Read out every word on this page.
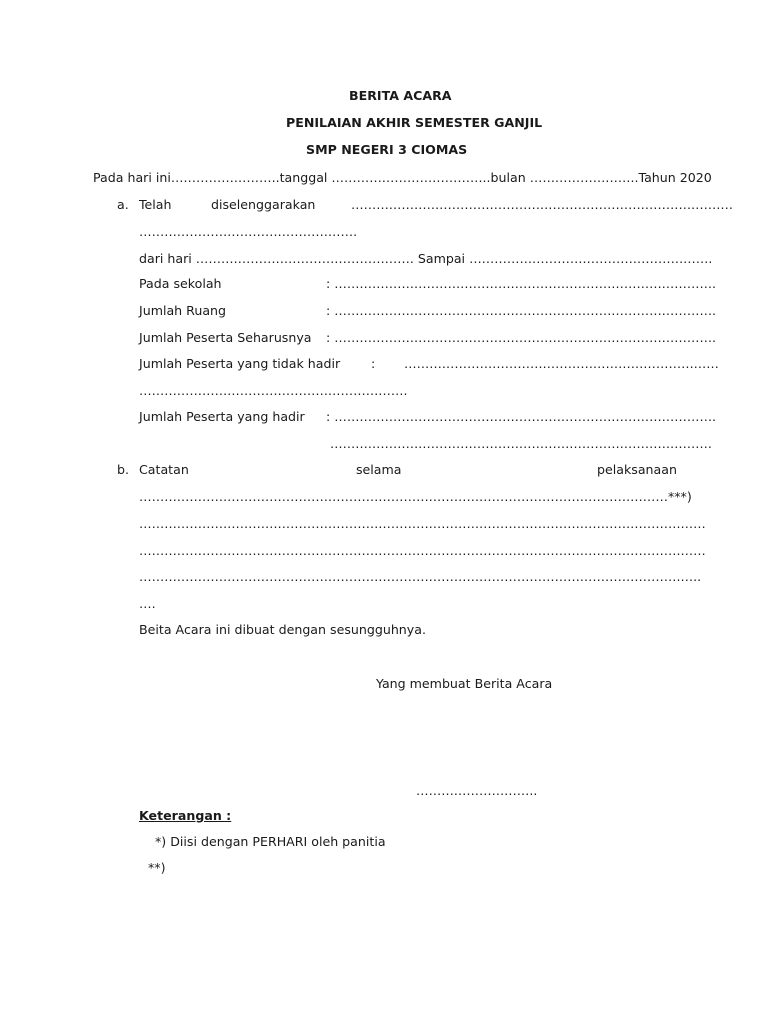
BERITA ACARA
PENILAIAN AKHIR SEMESTER GANJIL
SMP NEGERI 3 CIOMAS
Pada hari ini……………………..tanggal ………………………………..bulan ……………………..Tahun 2020
a. Telah	diselenggarakan	……………………………………………………………………………….
…………………………………………….
dari hari ……………………………………………. Sampai ………………………………………………….
Pada sekolah	: ……………………………………………………………………………….
Jumlah Ruang	: ……………………………………………………………………………….
Jumlah Peserta Seharusnya : ……………………………………………………………………………….
Jumlah Peserta yang tidak hadir : …………………………………………………………………
……………………………………………………….
Jumlah Peserta yang hadir : ……………………………………………………………………………….
……………………………………………………………………………….
b. Catatan	selama	pelaksanaan
………………………………………………………………………………………………………………***)
………………………………………………………………………………………………………………………
………………………………………………………………………………………………………………………
……………………………………………………………………………………………………………………..
….
Beita Acara ini dibuat dengan sesungguhnya.
Yang membuat Berita Acara
………………………..
Keterangan :
*) Diisi dengan PERHARI oleh panitia
**)
